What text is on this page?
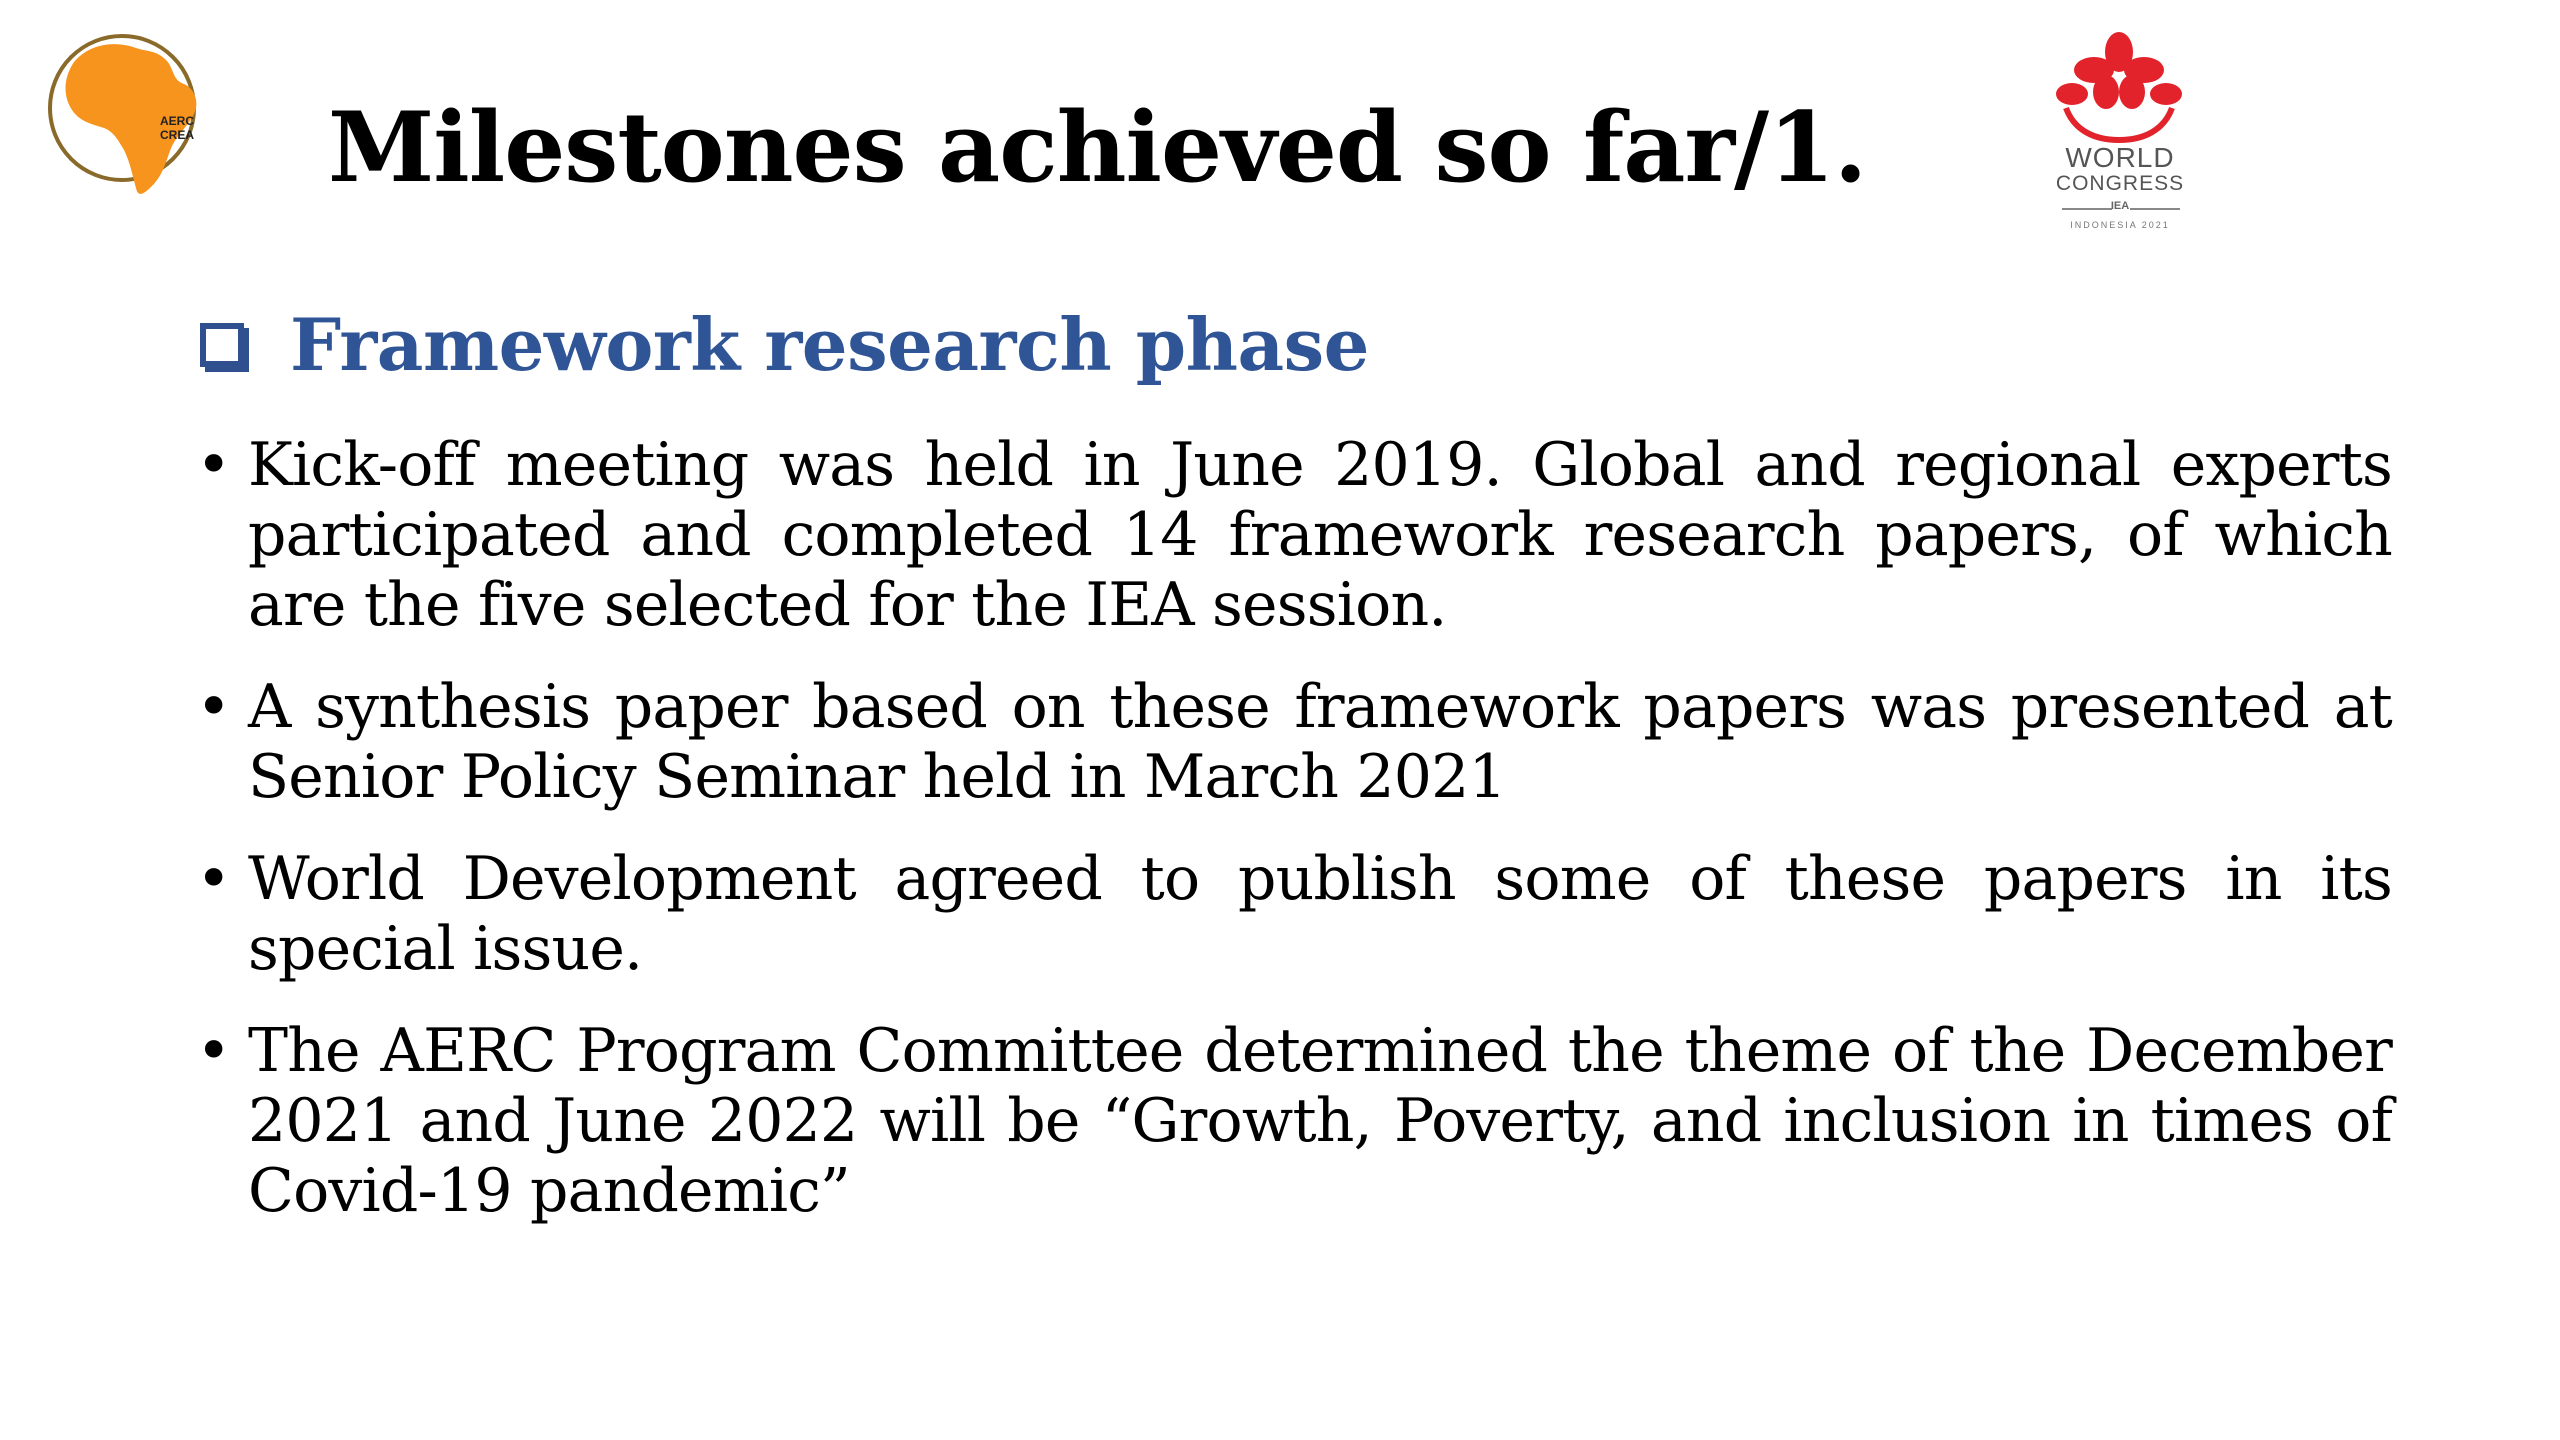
AERC
CREA Milestones achieved so far/1.	WORLD
CONGRESS
IEA
INDONESIA 2021
Framework research phase
• Kick-off meeting was held in June 2019. Global and regional experts participated and completed 14 framework research papers, of which are the five selected for the IEA session.
• A synthesis paper based on these framework papers was presented at Senior Policy Seminar held in March 2021
• World Development agreed to publish some of these papers in its special issue.
• The AERC Program Committee determined the theme of the December 2021 and June 2022 will be “Growth, Poverty, and inclusion in times of Covid-19 pandemic”
